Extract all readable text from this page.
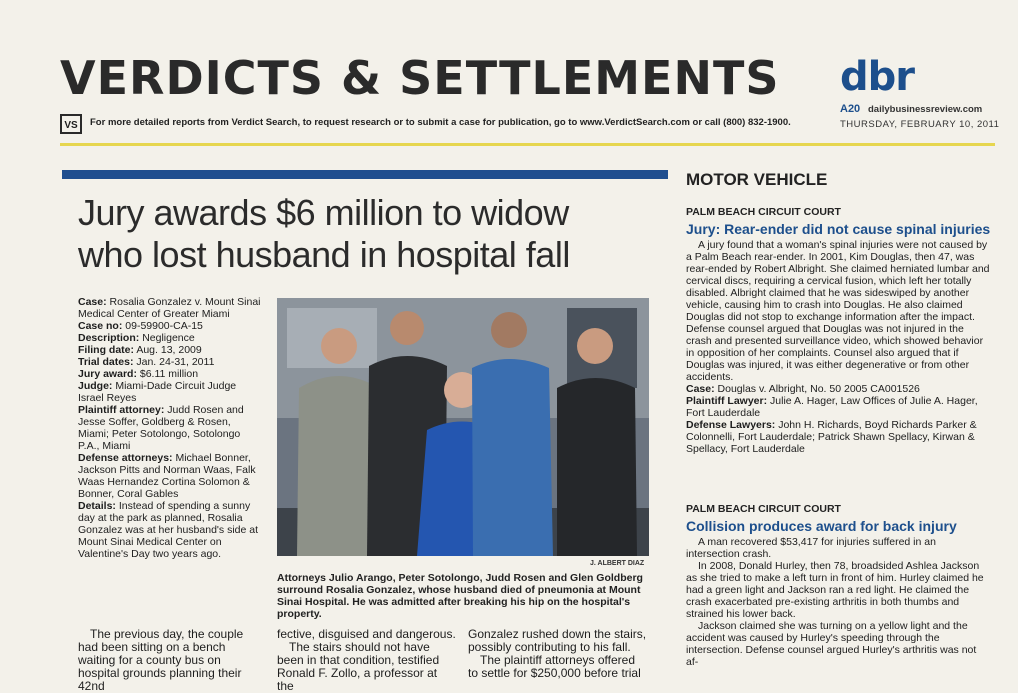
VERDICTS & SETTLEMENTS
VS	For more detailed reports from Verdict Search, to request research or to submit a case for publication, go to www.VerdictSearch.com or call (800) 832-1900.
dbr
A20 dailybusinessreview.com
THURSDAY, FEBRUARY 10, 2011
Jury awards $6 million to widow
who lost husband in hospital fall

Case: Rosalia Gonzalez v. Mount Sinai Medical Center of Greater Miami

Case no: 09-59900-CA-15

Description: Negligence

Filing date: Aug. 13, 2009

Trial dates: Jan. 24-31, 2011

Jury award: $6.11 million

Judge: Miami-Dade Circuit Judge Israel Reyes

Plaintiff attorney: Judd Rosen and Jesse Soffer, Goldberg & Rosen, Miami; Peter Sotolongo, Sotolongo P.A., Miami

Defense attorneys: Michael Bonner, Jackson Pitts and Norman Waas, Falk Waas Hernandez Cortina Solomon & Bonner, Coral Gables

Details: Instead of spending a sunny day at the park as planned, Rosalia Gonzalez was at her husband's side at Mount Sinai Medical Center on Valentine's Day two years ago.

J. ALBERT DIAZ
Attorneys Julio Arango, Peter Sotolongo, Judd Rosen and Glen Goldberg surround Rosalia Gonzalez, whose husband died of pneumonia at Mount Sinai Hospital. He was admitted after breaking his hip on the hospital's property.

The previous day, the couple had been sitting on a bench waiting for a county bus on hospital grounds planning their 42nd

fective, disguised and dangerous.

The stairs should not have been in that condition, testified Ronald F. Zollo, a professor at the

Gonzalez rushed down the stairs, possibly contributing to his fall.

The plaintiff attorneys offered to settle for $250,000 before trial

MOTOR VEHICLE
PALM BEACH CIRCUIT COURT
Jury: Rear-ender did not cause spinal injuries

A jury found that a woman's spinal injuries were not caused by a Palm Beach rear-ender. In 2001, Kim Douglas, then 47, was rear-ended by Robert Albright. She claimed herniated lumbar and cervical discs, requiring a cervical fusion, which left her totally disabled. Albright claimed that he was sideswiped by another vehicle, causing him to crash into Douglas. He also claimed Douglas did not stop to exchange information after the impact. Defense counsel argued that Douglas was not injured in the crash and presented surveillance video, which showed behavior in opposition of her complaints. Counsel also argued that if Douglas was injured, it was either degenerative or from other accidents.

Case: Douglas v. Albright, No. 50 2005 CA001526

Plaintiff Lawyer: Julie A. Hager, Law Offices of Julie A. Hager, Fort Lauderdale

Defense Lawyers: John H. Richards, Boyd Richards Parker & Colonnelli, Fort Lauderdale; Patrick Shawn Spellacy, Kirwan & Spellacy, Fort Lauderdale

PALM BEACH CIRCUIT COURT
Collision produces award for back injury

A man recovered $53,417 for injuries suffered in an intersection crash.

In 2008, Donald Hurley, then 78, broadsided Ashlea Jackson as she tried to make a left turn in front of him. Hurley claimed he had a green light and Jackson ran a red light. He claimed the crash exacerbated pre-existing arthritis in both thumbs and strained his lower back.

Jackson claimed she was turning on a yellow light and the accident was caused by Hurley's speeding through the intersection. Defense counsel argued Hurley's arthritis was not af-
